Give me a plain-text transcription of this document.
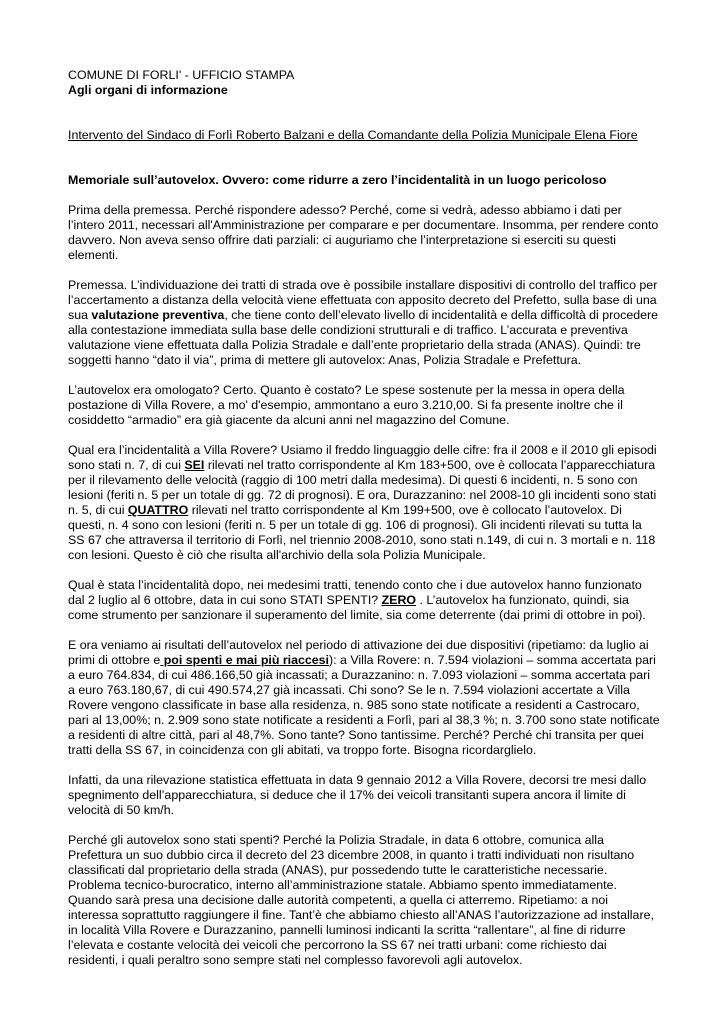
COMUNE DI FORLI' - UFFICIO STAMPA

Agli organi di informazione

Intervento del Sindaco di Forlì Roberto Balzani e della Comandante della Polizia Municipale Elena Fiore

Memoriale sull’autovelox. Ovvero: come ridurre a zero l’incidentalità in un luogo pericoloso

Prima della premessa. Perché rispondere adesso? Perché, come si vedrà, adesso abbiamo i dati per l’intero 2011, necessari all'Amministrazione per comparare e per documentare. Insomma, per rendere conto davvero. Non aveva senso offrire dati parziali: ci auguriamo che l’interpretazione si eserciti su questi elementi.

Premessa. L’individuazione dei tratti di strada ove è possibile installare dispositivi di controllo del traffico per l’accertamento a distanza della velocità viene effettuata con apposito decreto del Prefetto, sulla base di una sua valutazione preventiva, che tiene conto dell’elevato livello di incidentalità e della difficoltà di procedere alla contestazione immediata sulla base delle condizioni strutturali e di traffico. L’accurata e preventiva valutazione viene effettuata dalla Polizia Stradale e dall’ente proprietario della strada (ANAS). Quindi: tre soggetti hanno “dato il via”, prima di mettere gli autovelox: Anas, Polizia Stradale e Prefettura.

L’autovelox era omologato? Certo. Quanto è costato? Le spese sostenute per la messa in opera della postazione di Villa Rovere, a mo' d'esempio, ammontano a euro 3.210,00. Si fa presente inoltre che il cosiddetto “armadio” era già giacente da alcuni anni nel magazzino del Comune.

Qual era l’incidentalità a Villa Rovere? Usiamo il freddo linguaggio delle cifre: fra il 2008 e il 2010 gli episodi sono stati n. 7, di cui SEI rilevati nel tratto corrispondente al Km 183+500, ove è collocata l’apparecchiatura per il rilevamento delle velocità (raggio di 100 metri dalla medesima). Di questi 6 incidenti, n. 5 sono con lesioni (feriti n. 5 per un totale di gg. 72 di prognosi). E ora, Durazzanino: nel 2008-10 gli incidenti sono stati n. 5, di cui QUATTRO rilevati nel tratto corrispondente al Km 199+500, ove è collocato l’autovelox. Di questi, n. 4 sono con lesioni (feriti n. 5 per un totale di gg. 106 di prognosi). Gli incidenti rilevati su tutta la SS 67 che attraversa il territorio di Forlì, nel triennio 2008-2010, sono stati n.149, di cui n. 3 mortali e n. 118 con lesioni. Questo è ciò che risulta all'archivio della sola Polizia Municipale.

Qual è stata l’incidentalità dopo, nei medesimi tratti, tenendo conto che i due autovelox hanno funzionato dal 2 luglio al 6 ottobre, data in cui sono STATI SPENTI? ZERO . L’autovelox ha funzionato, quindi, sia come strumento per sanzionare il superamento del limite, sia come deterrente (dai primi di ottobre in poi).

E ora veniamo ai risultati dell’autovelox nel periodo di attivazione dei due dispositivi (ripetiamo: da luglio ai primi di ottobre e poi spenti e mai più riaccesi): a Villa Rovere: n. 7.594 violazioni – somma accertata pari a euro 764.834, di cui 486.166,50 già incassati; a Durazzanino: n. 7.093 violazioni – somma accertata pari a euro 763.180,67, di cui 490.574,27 già incassati. Chi sono? Se le n. 7.594 violazioni accertate a Villa Rovere vengono classificate in base alla residenza, n. 985 sono state notificate a residenti a Castrocaro, pari al 13,00%; n. 2.909 sono state notificate a residenti a Forlì, pari al 38,3 %; n. 3.700 sono state notificate a residenti di altre città, pari al 48,7%. Sono tante? Sono tantissime. Perché? Perché chi transita per quei tratti della SS 67, in coincidenza con gli abitati, va troppo forte. Bisogna ricordarglielo.

Infatti, da una rilevazione statistica effettuata in data 9 gennaio 2012 a Villa Rovere, decorsi tre mesi dallo spegnimento dell’apparecchiatura, si deduce che il 17% dei veicoli transitanti supera ancora il limite di velocità di 50 km/h.

Perché gli autovelox sono stati spenti? Perché la Polizia Stradale, in data 6 ottobre, comunica alla Prefettura un suo dubbio circa il decreto del 23 dicembre 2008, in quanto i tratti individuati non risultano classificati dal proprietario della strada (ANAS), pur possedendo tutte le caratteristiche necessarie. Problema tecnico-burocratico, interno all’amministrazione statale. Abbiamo spento immediatamente. Quando sarà presa una decisione dalle autorità competenti, a quella ci atterremo. Ripetiamo: a noi interessa soprattutto raggiungere il fine. Tant’è che abbiamo chiesto all’ANAS l’autorizzazione ad installare, in località Villa Rovere e Durazzanino, pannelli luminosi indicanti la scritta “rallentare”, al fine di ridurre l’elevata e costante velocità dei veicoli che percorrono la SS 67 nei tratti urbani: come richiesto dai residenti, i quali peraltro sono sempre stati nel complesso favorevoli agli autovelox.
